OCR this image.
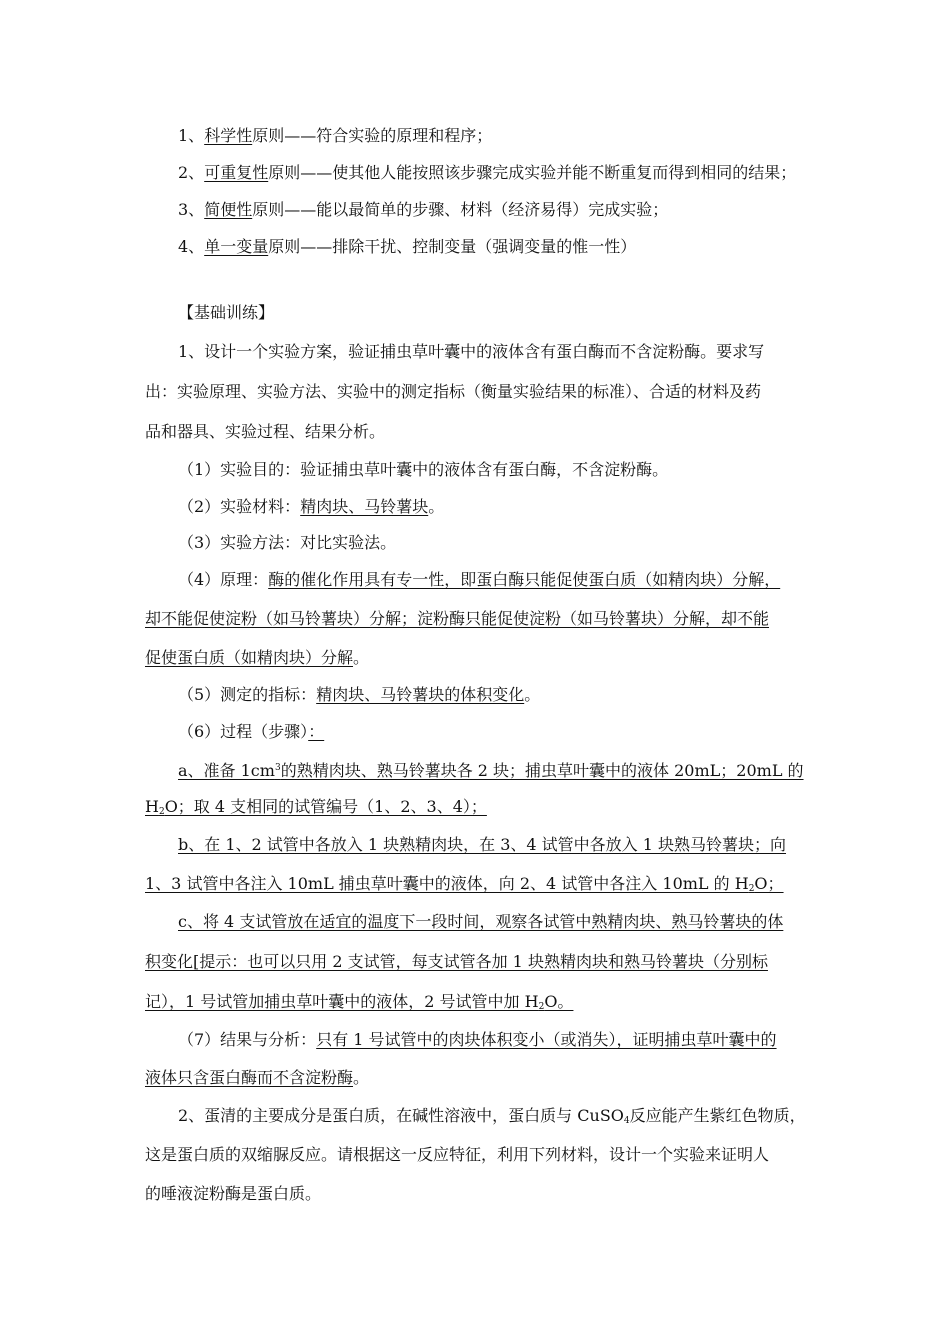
1、科学性原则——符合实验的原理和程序；
2、可重复性原则——使其他人能按照该步骤完成实验并能不断重复而得到相同的结果；
3、简便性原则——能以最简单的步骤、材料（经济易得）完成实验；
4、单一变量原则——排除干扰、控制变量（强调变量的惟一性）
【基础训练】
1、设计一个实验方案，验证捕虫草叶囊中的液体含有蛋白酶而不含淀粉酶。要求写
出：实验原理、实验方法、实验中的测定指标（衡量实验结果的标准）、合适的材料及药
品和器具、实验过程、结果分析。
（1）实验目的：验证捕虫草叶囊中的液体含有蛋白酶，不含淀粉酶。
（2）实验材料：精肉块、马铃薯块。
（3）实验方法：对比实验法。
（4）原理：酶的催化作用具有专一性，即蛋白酶只能促使蛋白质（如精肉块）分解，
却不能促使淀粉（如马铃薯块）分解；淀粉酶只能促使淀粉（如马铃薯块）分解，却不能
促使蛋白质（如精肉块）分解。
（5）测定的指标：精肉块、马铃薯块的体积变化。
（6）过程（步骤）：
a、准备 $1cm^3$的熟精肉块、熟马铃薯块各 2 块；捕虫草叶囊中的液体 20mL；20mL 的
$H_2O$；取 4 支相同的试管编号（1、2、3、4）；
b、在 1、2 试管中各放入 1 块熟精肉块，在 3、4 试管中各放入 1 块熟马铃薯块；向
1、3 试管中各注入 10mL 捕虫草叶囊中的液体，向 2、4 试管中各注入 10mL 的 $H_2O$；
c、将 4 支试管放在适宜的温度下一段时间，观察各试管中熟精肉块、熟马铃薯块的体
积变化[提示：也可以只用 2 支试管，每支试管各加 1 块熟精肉块和熟马铃薯块（分别标
记），1 号试管加捕虫草叶囊中的液体，2 号试管中加 $H_2O$。
（7）结果与分析：只有 1 号试管中的肉块体积变小（或消失），证明捕虫草叶囊中的
液体只含蛋白酶而不含淀粉酶。
2、蛋清的主要成分是蛋白质，在碱性溶液中，蛋白质与 CuSO$_4$反应能产生紫红色物质，
这是蛋白质的双缩脲反应。请根据这一反应特征，利用下列材料，设计一个实验来证明人
的唾液淀粉酶是蛋白质。
